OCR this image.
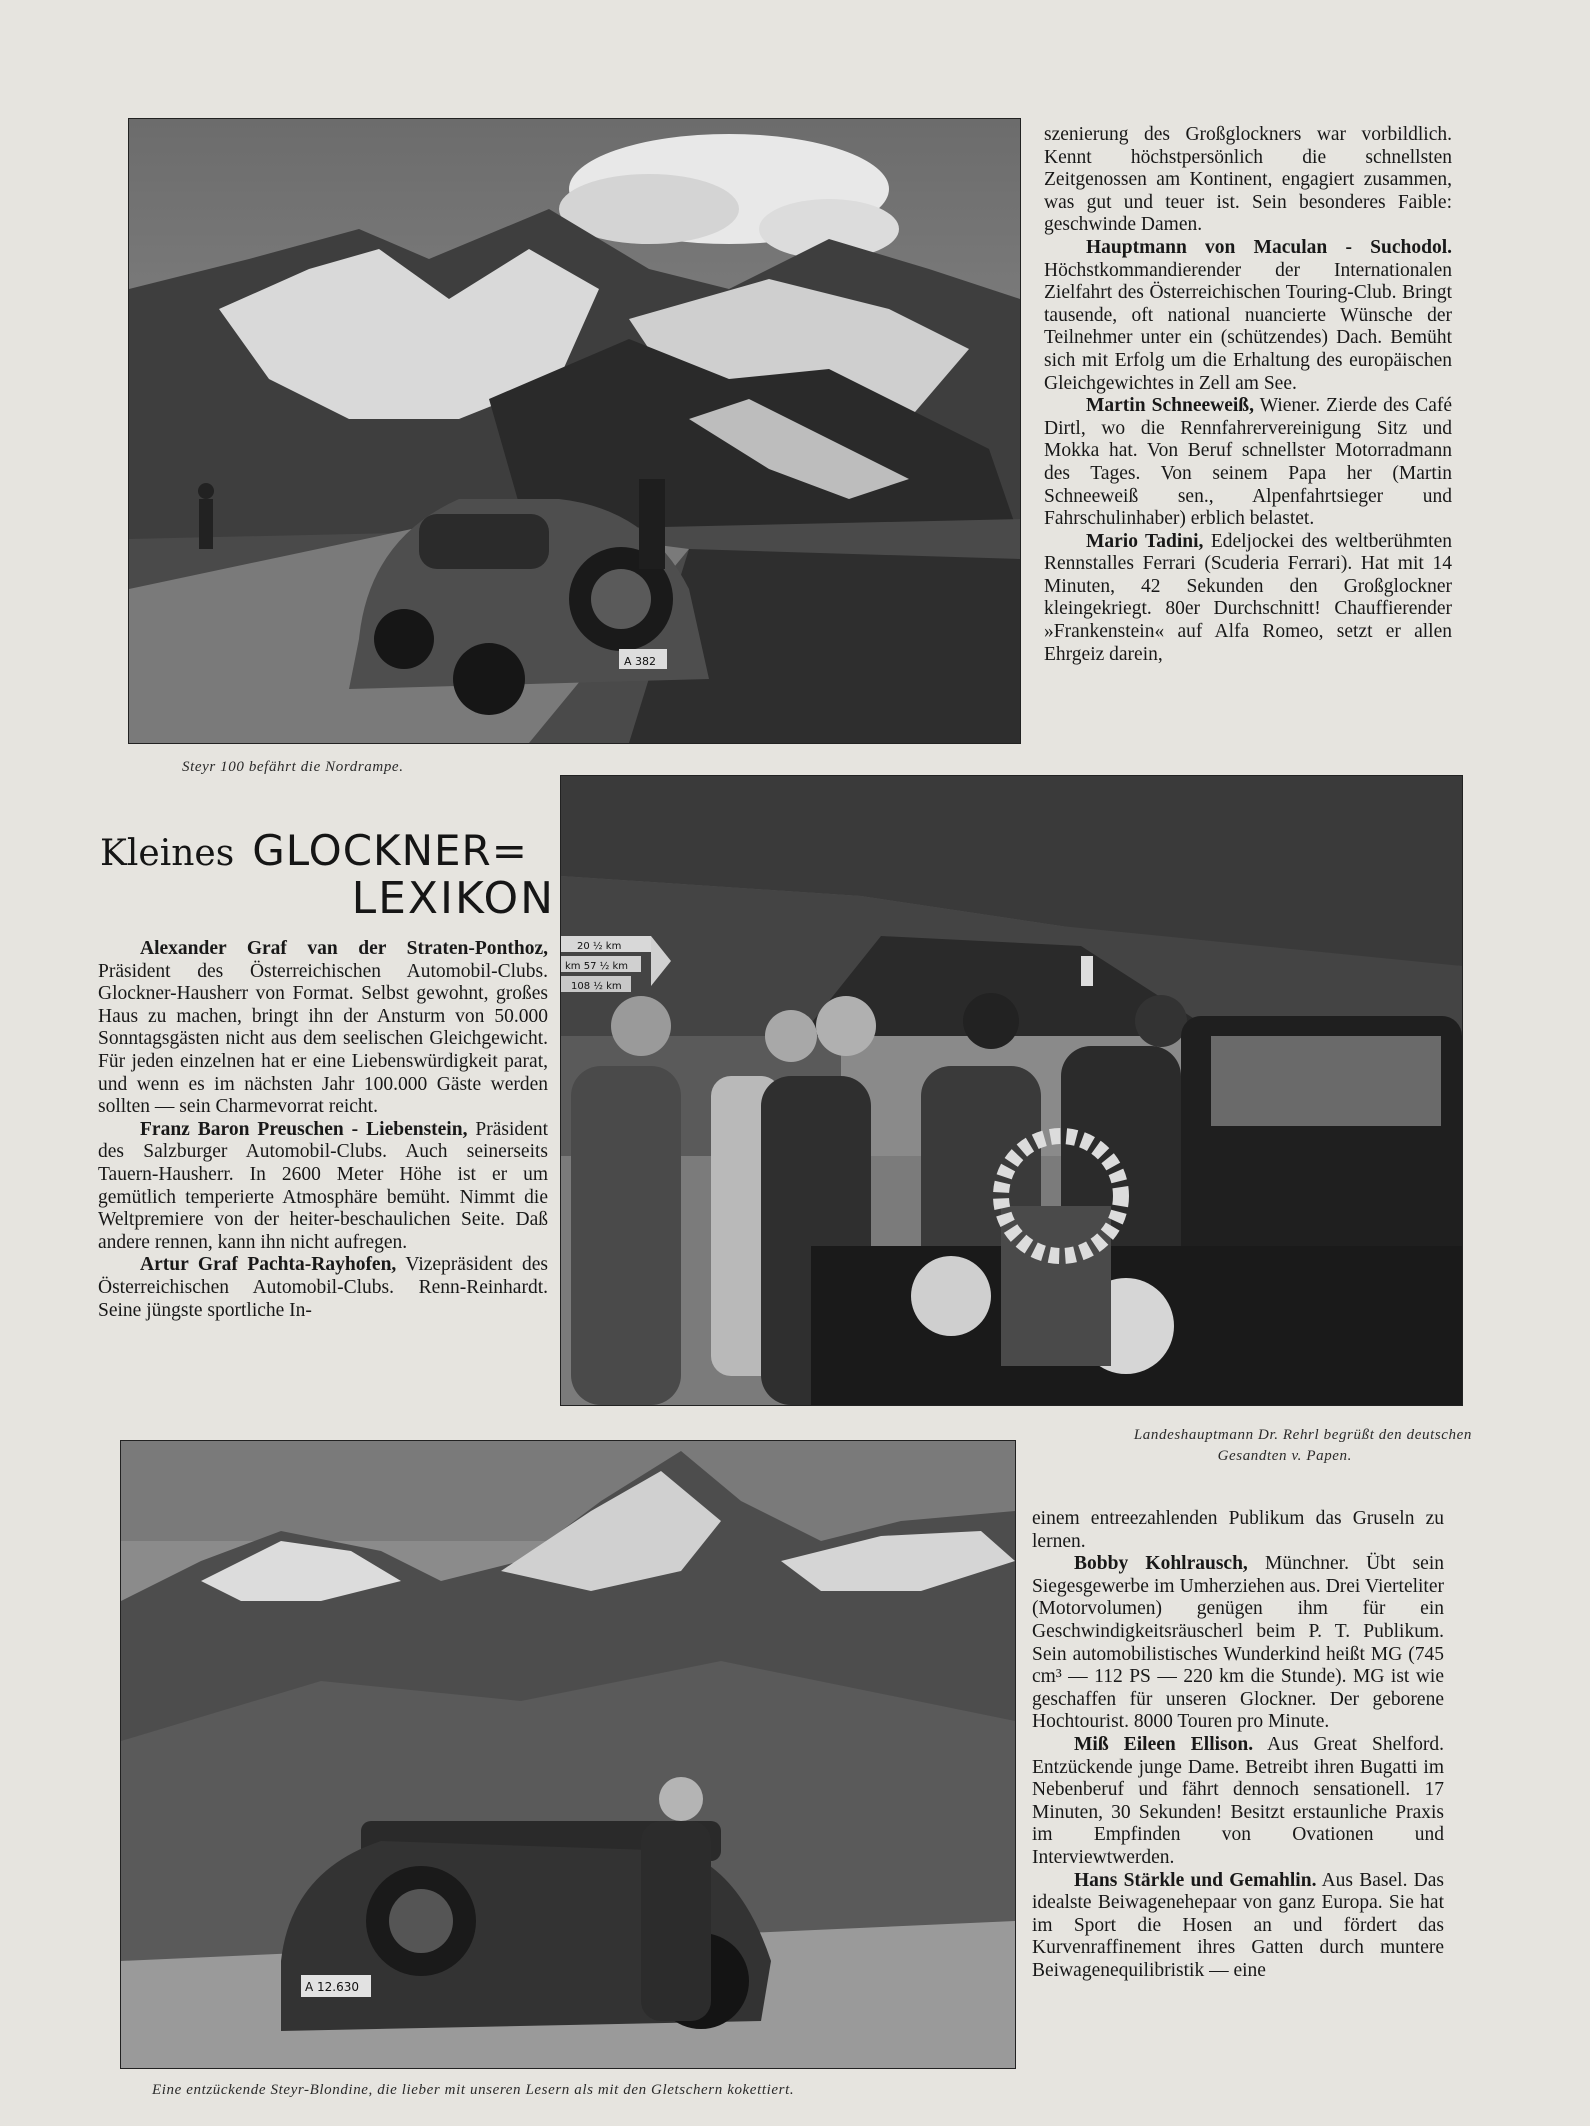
A 382
Steyr 100 befährt die Nordrampe.

szenierung des Großglockners war vorbildlich. Kennt höchstpersönlich die schnellsten Zeitgenossen am Kontinent, engagiert zusammen, was gut und teuer ist. Sein besonderes Faible: geschwinde Damen.

Hauptmann von Maculan - Suchodol. Höchstkommandierender der Internationalen Zielfahrt des Österreichischen Touring-Club. Bringt tausende, oft national nuancierte Wünsche der Teilnehmer unter ein (schützendes) Dach. Bemüht sich mit Erfolg um die Erhaltung des europäischen Gleichgewichtes in Zell am See.

Martin Schneeweiß, Wiener. Zierde des Café Dirtl, wo die Rennfahrervereinigung Sitz und Mokka hat. Von Beruf schnellster Motorradmann des Tages. Von seinem Papa her (Martin Schneeweiß sen., Alpenfahrtsieger und Fahrschulinhaber) erblich belastet.

Mario Tadini, Edeljockei des weltberühmten Rennstalles Ferrari (Scuderia Ferrari). Hat mit 14 Minuten, 42 Sekunden den Großglockner kleingekriegt. 80er Durchschnitt! Chauffierender »Frankenstein« auf Alfa Romeo, setzt er allen Ehrgeiz darein,

Kleines GLOCKNER=
LEXIKON

Alexander Graf van der Straten-Ponthoz, Präsident des Österreichischen Automobil-Clubs. Glockner-Hausherr von Format. Selbst gewohnt, großes Haus zu machen, bringt ihn der Ansturm von 50.000 Sonntagsgästen nicht aus dem seelischen Gleichgewicht. Für jeden einzelnen hat er eine Liebenswürdigkeit parat, und wenn es im nächsten Jahr 100.000 Gäste werden sollten — sein Charmevorrat reicht.

Franz Baron Preuschen - Liebenstein, Präsident des Salzburger Automobil-Clubs. Auch seinerseits Tauern-Hausherr. In 2600 Meter Höhe ist er um gemütlich temperierte Atmosphäre bemüht. Nimmt die Weltpremiere von der heiter-beschaulichen Seite. Daß andere rennen, kann ihn nicht aufregen.

Artur Graf Pachta-Rayhofen, Vizepräsident des Österreichischen Automobil-Clubs. Renn-Reinhardt. Seine jüngste sportliche In-

20 ½ km
km 57 ½ km
108 ½ km
Landeshauptmann Dr. Rehrl begrüßt den deutschen
Gesandten v. Papen.
A 12.630
Eine entzückende Steyr-Blondine, die lieber mit unseren Lesern als mit den Gletschern kokettiert.

einem entreezahlenden Publikum das Gruseln zu lernen.

Bobby Kohlrausch, Münchner. Übt sein Siegesgewerbe im Umherziehen aus. Drei Vierteliter (Motorvolumen) genügen ihm für ein Geschwindigkeitsräuscherl beim P. T. Publikum. Sein automobilistisches Wunderkind heißt MG (745 cm³ — 112 PS — 220 km die Stunde). MG ist wie geschaffen für unseren Glockner. Der geborene Hochtourist. 8000 Touren pro Minute.

Miß Eileen Ellison. Aus Great Shelford. Entzückende junge Dame. Betreibt ihren Bugatti im Nebenberuf und fährt dennoch sensationell. 17 Minuten, 30 Sekunden! Besitzt erstaunliche Praxis im Empfinden von Ovationen und Interviewtwerden.

Hans Stärkle und Gemahlin. Aus Basel. Das idealste Beiwagenehepaar von ganz Europa. Sie hat im Sport die Hosen an und fördert das Kurvenraffinement ihres Gatten durch muntere Beiwagenequilibristik — eine
